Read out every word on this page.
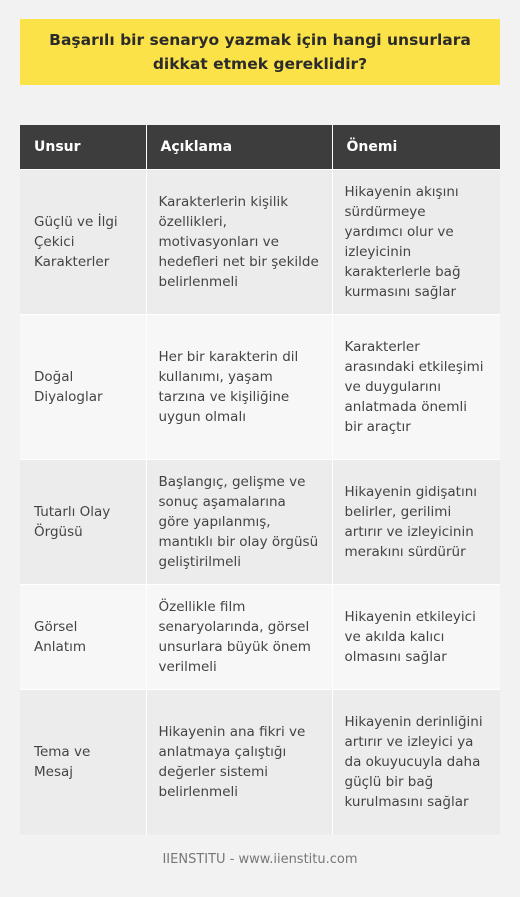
Başarılı bir senaryo yazmak için hangi unsurlara dikkat etmek gereklidir?
Unsur	Açıklama	Önemi
Güçlü ve İlgi Çekici Karakterler	Karakterlerin kişilik özellikleri, motivasyonları ve hedefleri net bir şekilde belirlenmeli	Hikayenin akışını sürdürmeye yardımcı olur ve izleyicinin karakterlerle bağ kurmasını sağlar
Doğal Diyaloglar	Her bir karakterin dil kullanımı, yaşam tarzına ve kişiliğine uygun olmalı	Karakterler arasındaki etkileşimi ve duygularını anlatmada önemli bir araçtır
Tutarlı Olay Örgüsü	Başlangıç, gelişme ve sonuç aşamalarına göre yapılanmış, mantıklı bir olay örgüsü geliştirilmeli	Hikayenin gidişatını belirler, gerilimi artırır ve izleyicinin merakını sürdürür
Görsel Anlatım	Özellikle film senaryolarında, görsel unsurlara büyük önem verilmeli	Hikayenin etkileyici ve akılda kalıcı olmasını sağlar
Tema ve Mesaj	Hikayenin ana fikri ve anlatmaya çalıştığı değerler sistemi belirlenmeli	Hikayenin derinliğini artırır ve izleyici ya da okuyucuyla daha güçlü bir bağ kurulmasını sağlar
IIENSTITU - www.iienstitu.com
